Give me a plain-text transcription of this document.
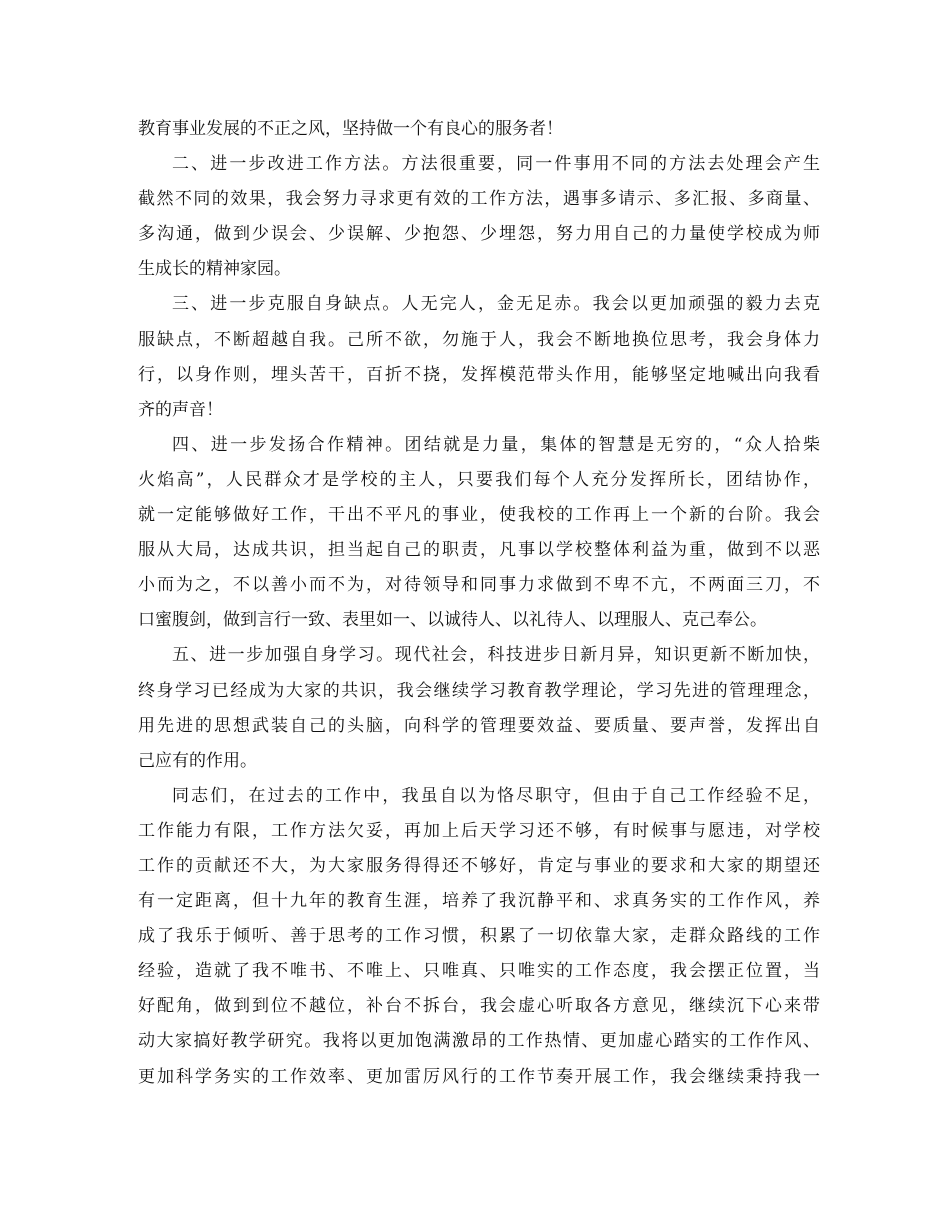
教育事业发展的不正之风，坚持做一个有良心的服务者！
二、进一步改进工作方法。方法很重要，同一件事用不同的方法去处理会产生
截然不同的效果，我会努力寻求更有效的工作方法，遇事多请示、多汇报、多商量、
多沟通，做到少误会、少误解、少抱怨、少埋怨，努力用自己的力量使学校成为师
生成长的精神家园。
三、进一步克服自身缺点。人无完人，金无足赤。我会以更加顽强的毅力去克
服缺点，不断超越自我。己所不欲，勿施于人，我会不断地换位思考，我会身体力
行，以身作则，埋头苦干，百折不挠，发挥模范带头作用，能够坚定地喊出向我看
齐的声音！
四、进一步发扬合作精神。团结就是力量，集体的智慧是无穷的，“众人拾柴
火焰高”，人民群众才是学校的主人，只要我们每个人充分发挥所长，团结协作，
就一定能够做好工作，干出不平凡的事业，使我校的工作再上一个新的台阶。我会
服从大局，达成共识，担当起自己的职责，凡事以学校整体利益为重，做到不以恶
小而为之，不以善小而不为，对待领导和同事力求做到不卑不亢，不两面三刀，不
口蜜腹剑，做到言行一致、表里如一、以诚待人、以礼待人、以理服人、克己奉公。
五、进一步加强自身学习。现代社会，科技进步日新月异，知识更新不断加快，
终身学习已经成为大家的共识，我会继续学习教育教学理论，学习先进的管理理念，
用先进的思想武装自己的头脑，向科学的管理要效益、要质量、要声誉，发挥出自
己应有的作用。
同志们，在过去的工作中，我虽自以为恪尽职守，但由于自己工作经验不足，
工作能力有限，工作方法欠妥，再加上后天学习还不够，有时候事与愿违，对学校
工作的贡献还不大，为大家服务得得还不够好，肯定与事业的要求和大家的期望还
有一定距离，但十九年的教育生涯，培养了我沉静平和、求真务实的工作作风，养
成了我乐于倾听、善于思考的工作习惯，积累了一切依靠大家，走群众路线的工作
经验，造就了我不唯书、不唯上、只唯真、只唯实的工作态度，我会摆正位置，当
好配角，做到到位不越位，补台不拆台，我会虚心听取各方意见，继续沉下心来带
动大家搞好教学研究。我将以更加饱满激昂的工作热情、更加虚心踏实的工作作风、
更加科学务实的工作效率、更加雷厉风行的工作节奏开展工作，我会继续秉持我一
